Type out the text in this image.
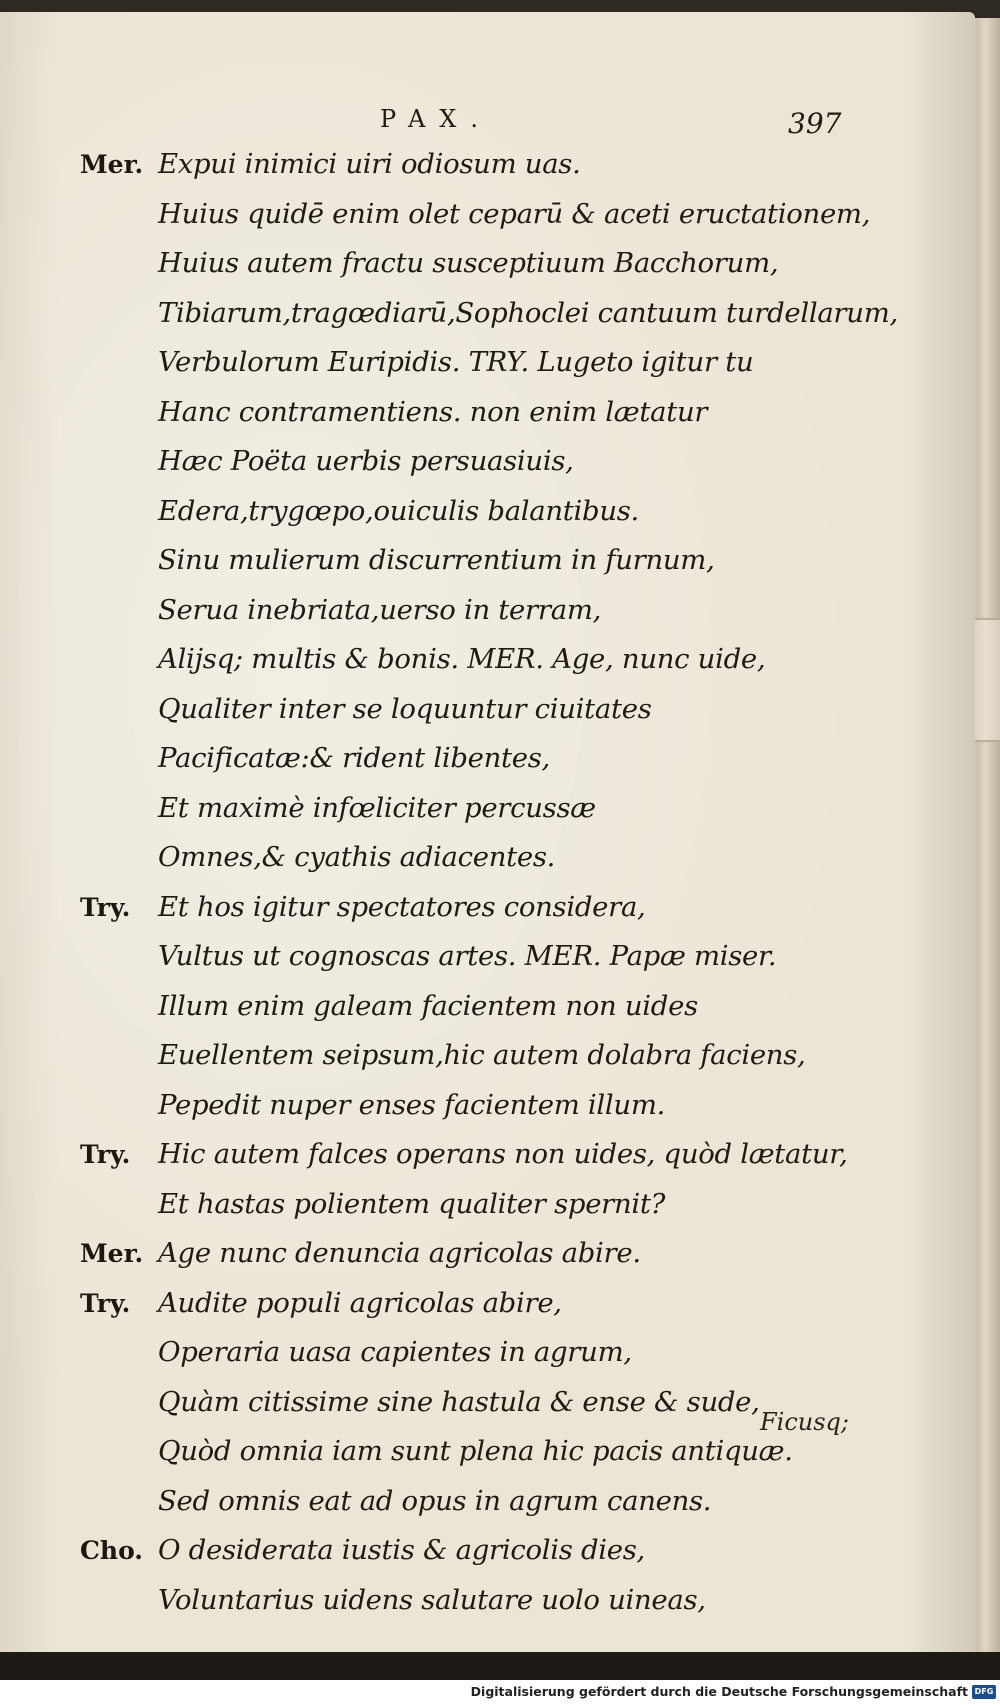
PAX.	397
Mer. Expui inimici uiri odiosum uas.
Huius quidē enim olet ceparū & aceti eructationem,
Huius autem fractu susceptiuum Bacchorum,
Tibiarum,tragœdiarū,Sophoclei cantuum turdellarum,
Verbulorum Euripidis. TRY. Lugeto igitur tu
Hanc contramentiens. non enim lætatur
Hæc Poëta uerbis persuasiuis,
Edera,trygœpo,ouiculis balantibus.
Sinu mulierum discurrentium in furnum,
Serua inebriata,uerso in terram,
Alijsq; multis & bonis. MER. Age, nunc uide,
Qualiter inter se loquuntur ciuitates
Pacificatæ:& rident libentes,
Et maximè infœliciter percussæ
Omnes,& cyathis adiacentes.
Try.	Et hos igitur spectatores considera,
Vultus ut cognoscas artes. MER. Papæ miser.
Illum enim galeam facientem non uides
Euellentem seipsum,hic autem dolabra faciens,
Pepedit nuper enses facientem illum.
Try.	Hic autem falces operans non uides, quòd lætatur,
Et hastas polientem qualiter spernit?
Mer. Age nunc denuncia agricolas abire.
Try.	Audite populi agricolas abire,
Operaria uasa capientes in agrum,
Quàm citissime sine hastula & ense & sude,
Quòd omnia iam sunt plena hic pacis antiquæ.
Sed omnis eat ad opus in agrum canens.
Cho. O desiderata iustis & agricolis dies,
Voluntarius uidens salutare uolo uineas,
Ficusq;
Digitalisierung gefördert durch die Deutsche Forschungsgemeinschaft DFG
